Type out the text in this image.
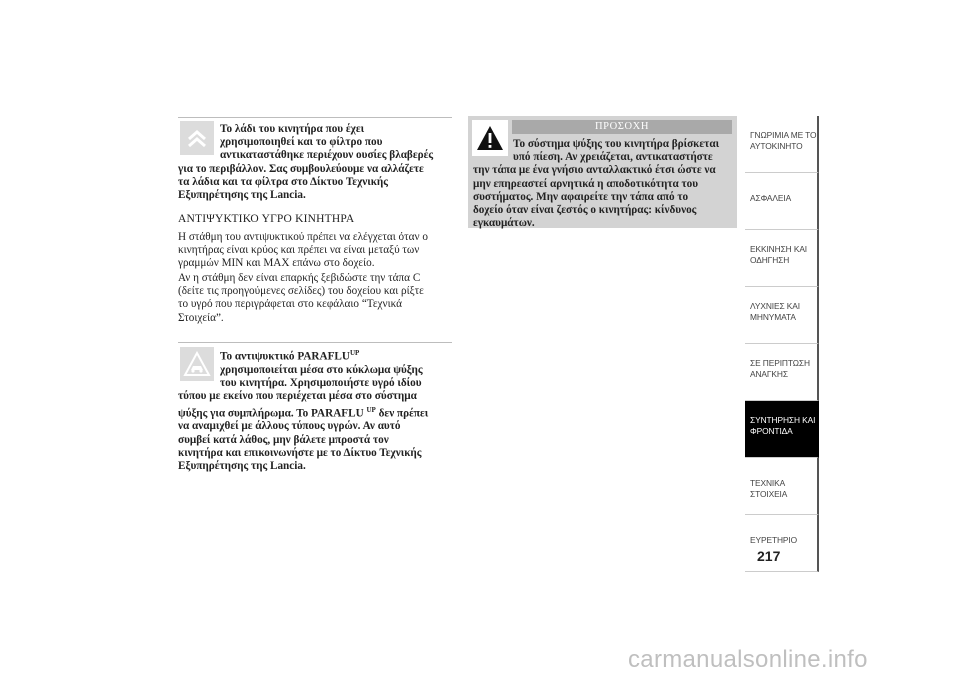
Το λάδι του κινητήρα που έχει
χρησιμοποιηθεί και το φίλτρο που
αντικαταστάθηκε περιέχουν ουσίες βλαβερές
για το περιβάλλον. Σας συμβουλεύουμε να αλλάζετε
τα λάδια και τα φίλτρα στο Δίκτυο Τεχνικής
Εξυπηρέτησης της Lancia.
ΑΝΤΙΨΥΚΤΙΚΟ ΥΓΡΟ ΚΙΝΗΤΗΡΑ
Η στάθμη του αντιψυκτικού πρέπει να ελέγχεται όταν ο
κινητήρας είναι κρύος και πρέπει να είναι μεταξύ των
γραμμών MIN και MAX επάνω στο δοχείο.
Αν η στάθμη δεν είναι επαρκής ξεβιδώστε την τάπα C
(δείτε τις προηγούμενες σελίδες) του δοχείου και ρίξτε
το υγρό που περιγράφεται στο κεφάλαιο “Τεχνικά
Στοιχεία”.
Το αντιψυκτικό $PARAFLU^{UP}$
χρησιμοποιείται μέσα στο κύκλωμα ψύξης
του κινητήρα. Χρησιμοποιήστε υγρό ιδίου
τύπου με εκείνο που περιέχεται μέσα στο σύστημα
ψύξης για συμπλήρωμα. Το PARAFLU $^{UP}$ δεν πρέπει
να αναμιχθεί με άλλους τύπους υγρών. Αν αυτό
συμβεί κατά λάθος, μην βάλετε μπροστά τον
κινητήρα και επικοινωνήστε με το Δίκτυο Τεχνικής
Εξυπηρέτησης της Lancia.
ΠΡΟΣΟΧΗ
Το σύστημα ψύξης του κινητήρα βρίσκεται
υπό πίεση. Αν χρειάζεται, αντικαταστήστε
την τάπα με ένα γνήσιο ανταλλακτικό έτσι ώστε να
μην επηρεαστεί αρνητικά η αποδοτικότητα του
συστήματος. Μην αφαιρείτε την τάπα από το
δοχείο όταν είναι ζεστός ο κινητήρας: κίνδυνος
εγκαυμάτων.
ΓΝΩΡΙΜΙΑ ΜΕ ΤΟ
ΑΥΤΟΚΙΝΗΤΟ
ΑΣΦΑΛΕΙΑ
ΕΚΚΙΝΗΣΗ ΚΑΙ
ΟΔΗΓΗΣΗ
ΛΥΧΝΙΕΣ ΚΑΙ
ΜΗΝΥΜΑΤΑ
ΣΕ ΠΕΡΙΠΤΩΣΗ
ΑΝΑΓΚΗΣ
ΣΥΝΤΗΡΗΣΗ ΚΑΙ
ΦΡΟΝΤΙΔΑ
ΤΕΧΝΙΚΑ ΣΤΟΙΧΕΙΑ
ΕΥΡΕΤΗΡΙΟ
217
carmanualsonline.info
